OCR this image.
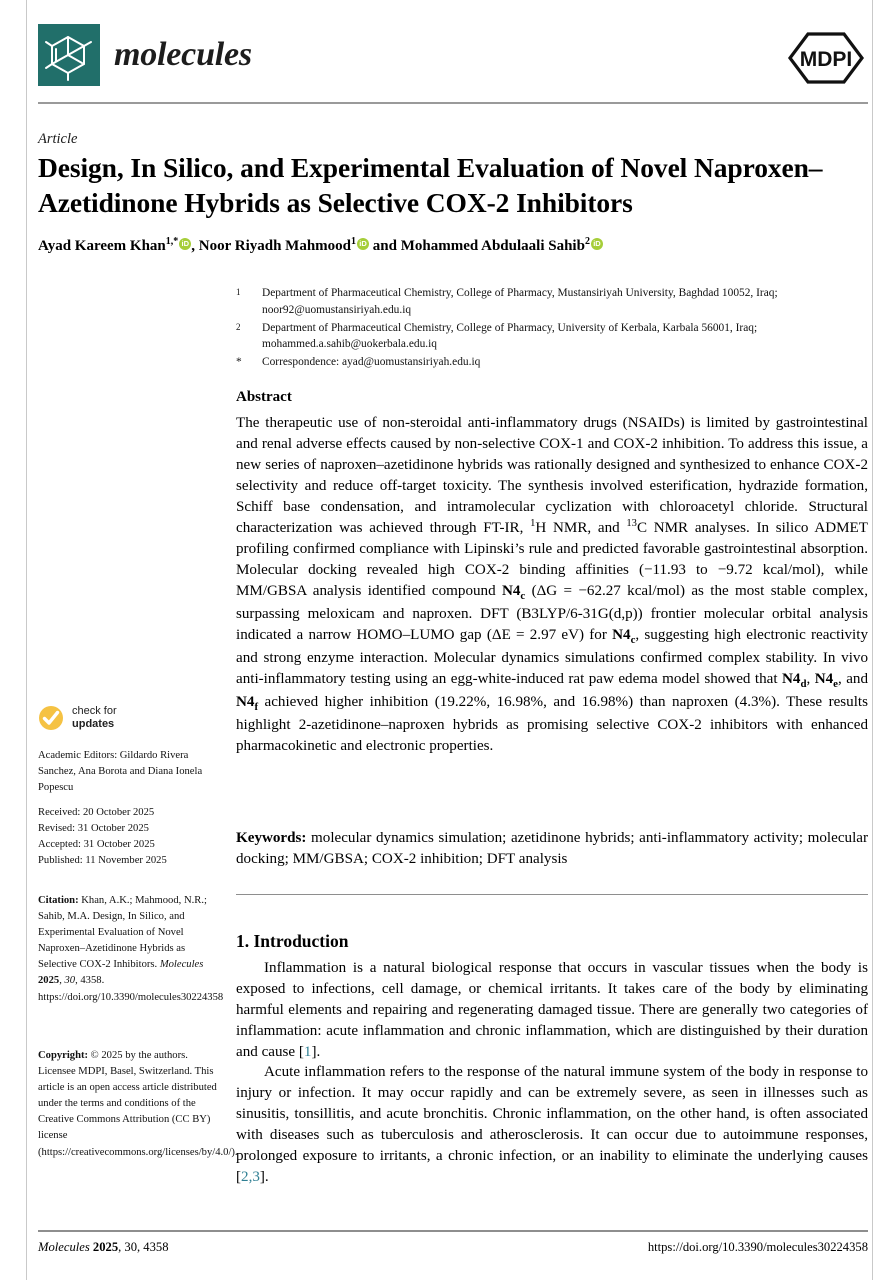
molecules	MDPI
Article
Design, In Silico, and Experimental Evaluation of Novel Naproxen–Azetidinone Hybrids as Selective COX-2 Inhibitors
Ayad Kareem Khan$^{1,*}$ iD , Noor Riyadh Mahmood$^1$ iD and Mohammed Abdulaali Sahib$^2$ iD
1	Department of Pharmaceutical Chemistry, College of Pharmacy, Mustansiriyah University, Baghdad 10052, Iraq; noor92@uomustansiriyah.edu.iq
2	Department of Pharmaceutical Chemistry, College of Pharmacy, University of Kerbala, Karbala 56001, Iraq; mohammed.a.sahib@uokerbala.edu.iq
*	Correspondence: ayad@uomustansiriyah.edu.iq
Abstract
The therapeutic use of non-steroidal anti-inflammatory drugs (NSAIDs) is limited by gastrointestinal and renal adverse effects caused by non-selective COX-1 and COX-2 inhibition. To address this issue, a new series of naproxen–azetidinone hybrids was rationally designed and synthesized to enhance COX-2 selectivity and reduce off-target toxicity. The synthesis involved esterification, hydrazide formation, Schiff base condensation, and intramolecular cyclization with chloroacetyl chloride. Structural characterization was achieved through FT-IR, $^1$H NMR, and $^{13}$C NMR analyses. In silico ADMET profiling confirmed compliance with Lipinski’s rule and predicted favorable gastrointestinal absorption. Molecular docking revealed high COX-2 binding affinities (−11.93 to −9.72 kcal/mol), while MM/GBSA analysis identified compound $N4_c$ (ΔG = −62.27 kcal/mol) as the most stable complex, surpassing meloxicam and naproxen. DFT (B3LYP/6-31G(d,p)) frontier molecular orbital analysis indicated a narrow HOMO–LUMO gap (ΔE = 2.97 eV) for $N4_c$, suggesting high electronic reactivity and strong enzyme interaction. Molecular dynamics simulations confirmed complex stability. In vivo anti-inflammatory testing using an egg-white-induced rat paw edema model showed that $N4_d$, $N4_e$, and $N4_f$ achieved higher inhibition (19.22%, 16.98%, and 16.98%) than naproxen (4.3%). These results highlight 2-azetidinone–naproxen hybrids as promising selective COX-2 inhibitors with enhanced pharmacokinetic and electronic properties.
Keywords: molecular dynamics simulation; azetidinone hybrids; anti-inflammatory activity; molecular docking; MM/GBSA; COX-2 inhibition; DFT analysis
1. Introduction

Inflammation is a natural biological response that occurs in vascular tissues when the body is exposed to infections, cell damage, or chemical irritants. It takes care of the body by eliminating harmful elements and repairing and regenerating damaged tissue. There are generally two categories of inflammation: acute inflammation and chronic inflammation, which are distinguished by their duration and cause [1].

Acute inflammation refers to the response of the natural immune system of the body in response to injury or infection. It may occur rapidly and can be extremely severe, as seen in illnesses such as sinusitis, tonsillitis, and acute bronchitis. Chronic inflammation, on the other hand, is often associated with diseases such as tuberculosis and atherosclerosis. It can occur due to autoimmune responses, prolonged exposure to irritants, a chronic infection, or an inability to eliminate the underlying causes [2,3].

check for
updates
Academic Editors: Gildardo Rivera Sanchez, Ana Borota and Diana Ionela Popescu
Received: 20 October 2025
Revised: 31 October 2025
Accepted: 31 October 2025
Published: 11 November 2025
Citation: Khan, A.K.; Mahmood, N.R.; Sahib, M.A. Design, In Silico, and Experimental Evaluation of Novel Naproxen–Azetidinone Hybrids as Selective COX-2 Inhibitors. Molecules 2025, 30, 4358. https://doi.org/10.3390/molecules30224358
Copyright: © 2025 by the authors. Licensee MDPI, Basel, Switzerland. This article is an open access article distributed under the terms and conditions of the Creative Commons Attribution (CC BY) license (https://creativecommons.org/licenses/by/4.0/).
Molecules 2025, 30, 4358	https://doi.org/10.3390/molecules30224358
